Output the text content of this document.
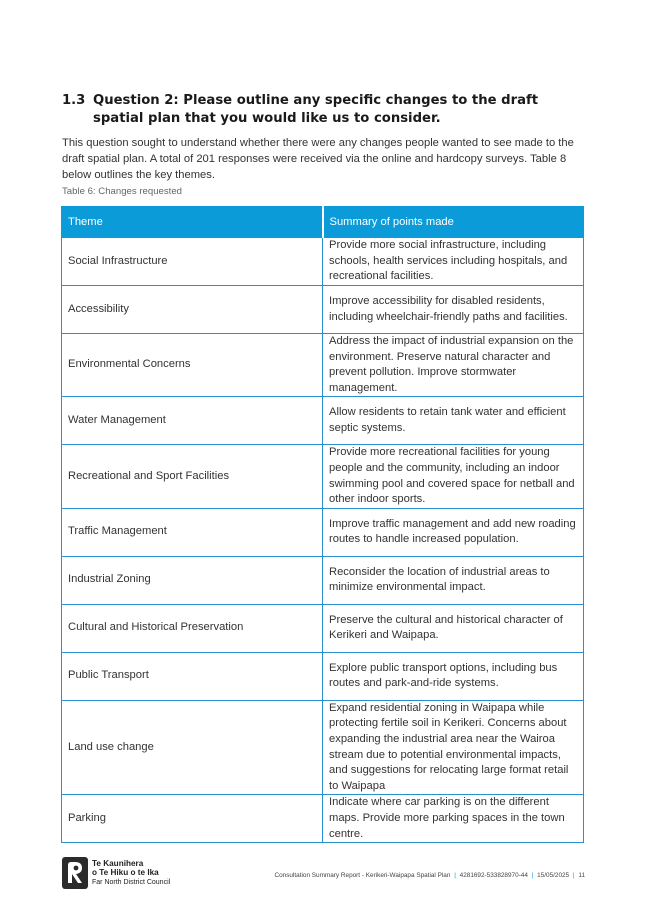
1.3 Question 2: Please outline any specific changes to the draft spatial plan that you would like us to consider.

This question sought to understand whether there were any changes people wanted to see made to the draft spatial plan. A total of 201 responses were received via the online and hardcopy surveys. Table 8 below outlines the key themes.

Table 6: Changes requested
Theme	Summary of points made
Social Infrastructure	Provide more social infrastructure, including schools, health services including hospitals, and recreational facilities.
Accessibility	Improve accessibility for disabled residents, including wheelchair-friendly paths and facilities.
Environmental Concerns	Address the impact of industrial expansion on the environment. Preserve natural character and prevent pollution. Improve stormwater management.
Water Management	Allow residents to retain tank water and efficient septic systems.
Recreational and Sport Facilities	Provide more recreational facilities for young people and the community, including an indoor swimming pool and covered space for netball and other indoor sports.
Traffic Management	Improve traffic management and add new roading routes to handle increased population.
Industrial Zoning	Reconsider the location of industrial areas to minimize environmental impact.
Cultural and Historical Preservation	Preserve the cultural and historical character of Kerikeri and Waipapa.
Public Transport	Explore public transport options, including bus routes and park-and-ride systems.
Land use change	Expand residential zoning in Waipapa while protecting fertile soil in Kerikeri. Concerns about expanding the industrial area near the Wairoa stream due to potential environmental impacts, and suggestions for relocating large format retail to Waipapa
Parking	Indicate where car parking is on the different maps. Provide more parking spaces in the town centre.
Te Kaunihera
o Te Hiku o te Ika
Far North District Council
Consultation Summary Report - Kerikeri-Waipapa Spatial Plan | 4281692-533828970-44 | 15/05/2025 | 11
